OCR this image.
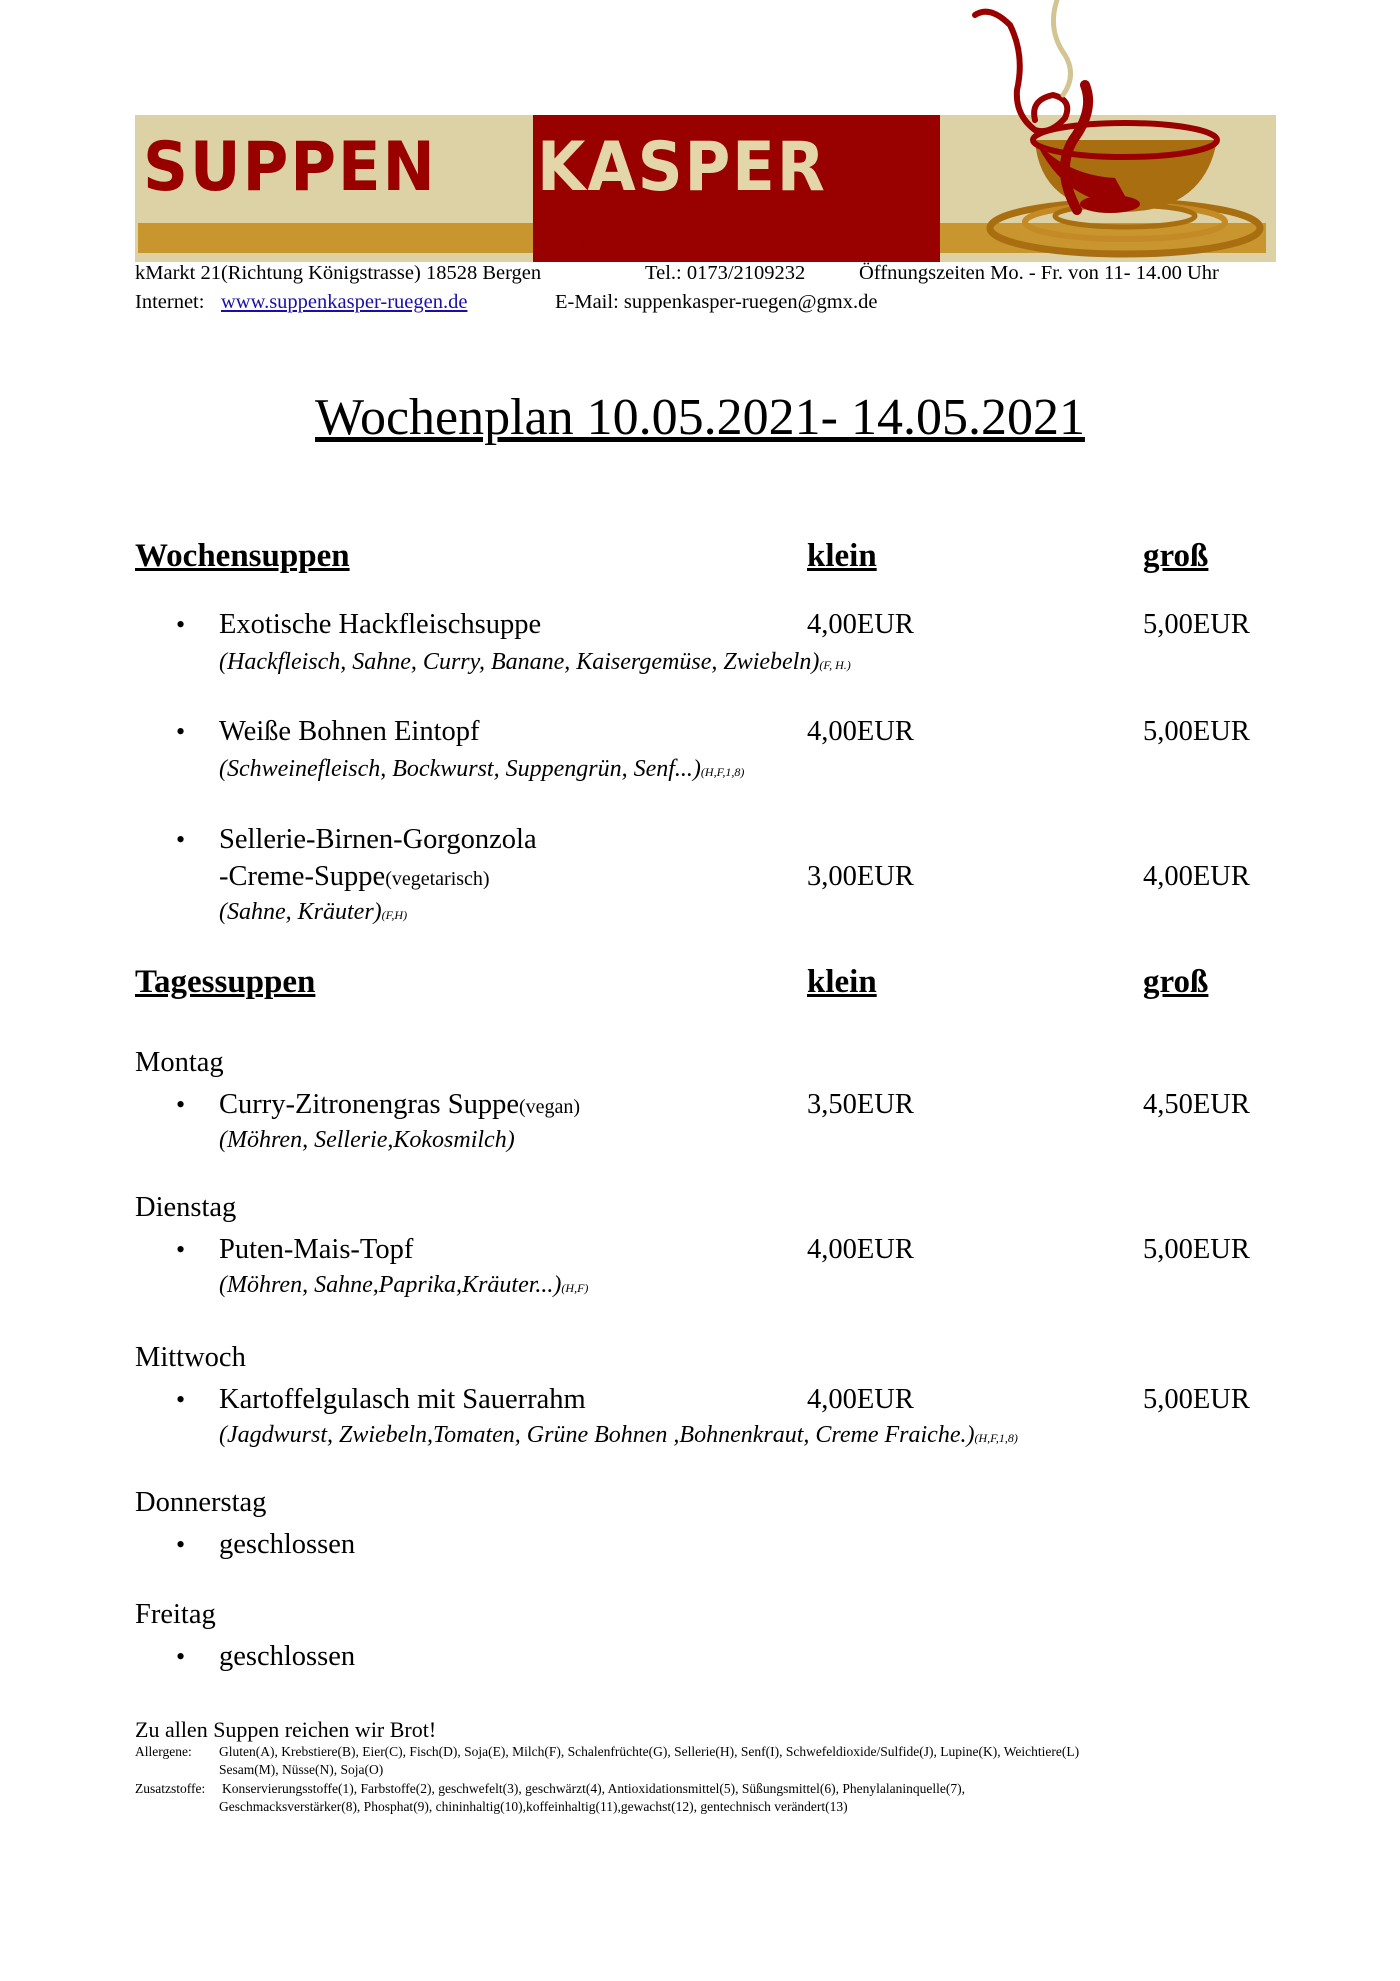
SUPPEN KASPER
einfach.lecker.essen.
kMarkt 21(Richtung Königstrasse) 18528 Bergen	Tel.: 0173/2109232	Öffnungszeiten Mo. - Fr. von 11- 14.00 Uhr
Internet: www.suppenkasper-ruegen.de	E-Mail: suppenkasper-ruegen@gmx.de
Wochenplan 10.05.2021- 14.05.2021
Wochensuppen	klein	groß
• Exotische Hackfleischsuppe	4,00EUR	5,00EUR
(Hackfleisch, Sahne, Curry, Banane, Kaisergemüse, Zwiebeln)(F, H.)
• Weiße Bohnen Eintopf	4,00EUR	5,00EUR
(Schweinefleisch, Bockwurst, Suppengrün, Senf...)(H,F,1,8)
• Sellerie-Birnen-Gorgonzola
-Creme-Suppe(vegetarisch)	3,00EUR	4,00EUR
(Sahne, Kräuter)(F,H)
Tagessuppen	klein	groß
Montag
• Curry-Zitronengras Suppe(vegan)	3,50EUR	4,50EUR
(Möhren, Sellerie,Kokosmilch)
Dienstag
• Puten-Mais-Topf	4,00EUR	5,00EUR
(Möhren, Sahne,Paprika,Kräuter...)(H,F)
Mittwoch
• Kartoffelgulasch mit Sauerrahm	4,00EUR	5,00EUR
(Jagdwurst, Zwiebeln,Tomaten, Grüne Bohnen ,Bohnenkraut, Creme Fraiche.)(H,F,1,8)
Donnerstag
• geschlossen
Freitag
• geschlossen
Zu allen Suppen reichen wir Brot!
Allergene: Gluten(A), Krebstiere(B), Eier(C), Fisch(D), Soja(E), Milch(F), Schalenfrüchte(G), Sellerie(H), Senf(I), Schwefeldioxide/Sulfide(J), Lupine(K), Weichtiere(L)
Sesam(M), Nüsse(N), Soja(O)
Zusatzstoffe: Konservierungsstoffe(1), Farbstoffe(2), geschwefelt(3), geschwärzt(4), Antioxidationsmittel(5), Süßungsmittel(6), Phenylalaninquelle(7),
Geschmacksverstärker(8), Phosphat(9), chininhaltig(10),koffeinhaltig(11),gewachst(12), gentechnisch verändert(13)
